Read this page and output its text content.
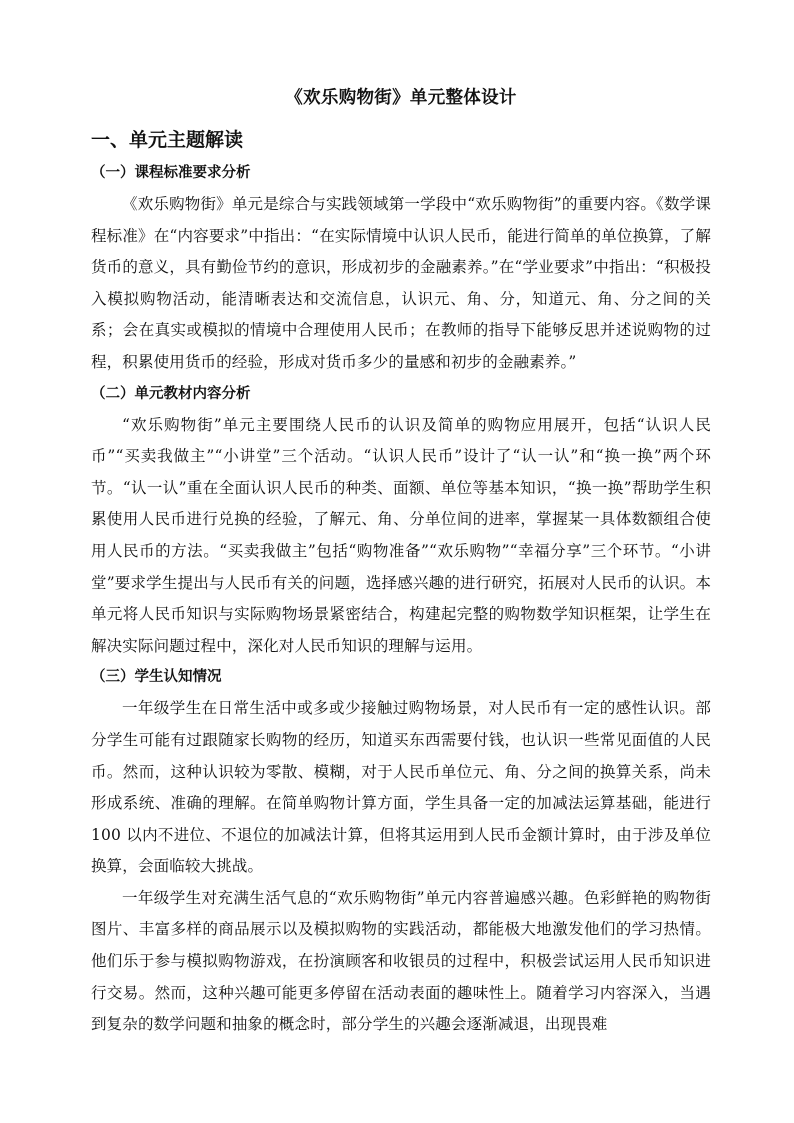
《欢乐购物街》单元整体设计
一、单元主题解读
（一）课程标准要求分析

《欢乐购物街》单元是综合与实践领域第一学段中“欢乐购物街”的重要内容。《数学课程标准》在“内容要求”中指出：“在实际情境中认识人民币，能进行简单的单位换算，了解货币的意义，具有勤俭节约的意识，形成初步的金融素养。”在“学业要求”中指出：“积极投入模拟购物活动，能清晰表达和交流信息，认识元、角、分，知道元、角、分之间的关系；会在真实或模拟的情境中合理使用人民币；在教师的指导下能够反思并述说购物的过程，积累使用货币的经验，形成对货币多少的量感和初步的金融素养。”

（二）单元教材内容分析

“欢乐购物街”单元主要围绕人民币的认识及简单的购物应用展开，包括“认识人民币”“买卖我做主”“小讲堂”三个活动。“认识人民币”设计了“认一认”和“换一换”两个环节。“认一认”重在全面认识人民币的种类、面额、单位等基本知识，“换一换”帮助学生积累使用人民币进行兑换的经验，了解元、角、分单位间的进率，掌握某一具体数额组合使用人民币的方法。“买卖我做主”包括“购物准备”“欢乐购物”“幸福分享”三个环节。“小讲堂”要求学生提出与人民币有关的问题，选择感兴趣的进行研究，拓展对人民币的认识。本单元将人民币知识与实际购物场景紧密结合，构建起完整的购物数学知识框架，让学生在解决实际问题过程中，深化对人民币知识的理解与运用。

（三）学生认知情况

一年级学生在日常生活中或多或少接触过购物场景，对人民币有一定的感性认识。部分学生可能有过跟随家长购物的经历，知道买东西需要付钱，也认识一些常见面值的人民币。然而，这种认识较为零散、模糊，对于人民币单位元、角、分之间的换算关系，尚未形成系统、准确的理解。在简单购物计算方面，学生具备一定的加减法运算基础，能进行 100 以内不进位、不退位的加减法计算，但将其运用到人民币金额计算时，由于涉及单位换算，会面临较大挑战。

一年级学生对充满生活气息的“欢乐购物街”单元内容普遍感兴趣。色彩鲜艳的购物街图片、丰富多样的商品展示以及模拟购物的实践活动，都能极大地激发他们的学习热情。他们乐于参与模拟购物游戏，在扮演顾客和收银员的过程中，积极尝试运用人民币知识进行交易。然而，这种兴趣可能更多停留在活动表面的趣味性上。随着学习内容深入，当遇到复杂的数学问题和抽象的概念时，部分学生的兴趣会逐渐减退，出现畏难
